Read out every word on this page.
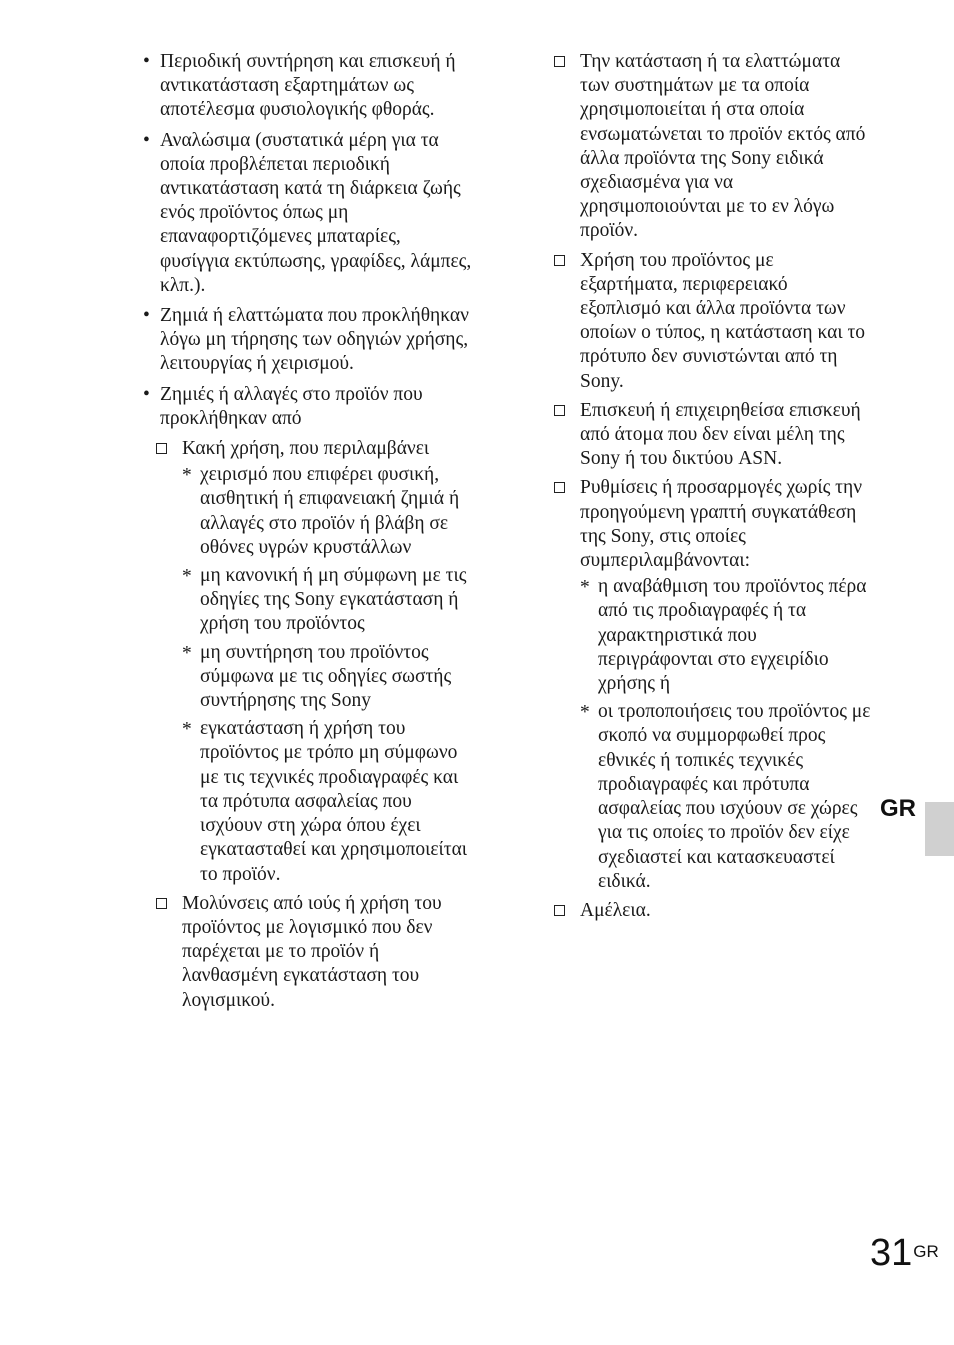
• Περιοδική συντήρηση και επισκευή ή αντικατάσταση εξαρτημάτων ως αποτέλεσμα φυσιολογικής φθοράς.
• Αναλώσιμα (συστατικά μέρη για τα οποία προβλέπεται περιοδική αντικατάσταση κατά τη διάρκεια ζωής ενός προϊόντος όπως μη επαναφορτιζόμενες μπαταρίες, φυσίγγια εκτύπωσης, γραφίδες, λάμπες, κλπ.).
• Ζημιά ή ελαττώματα που προκλήθηκαν λόγω μη τήρησης των οδηγιών χρήσης, λειτουργίας ή χειρισμού.
• Ζημιές ή αλλαγές στο προϊόν που προκλήθηκαν από
Κακή χρήση, που περιλαμβάνει
* χειρισμό που επιφέρει φυσική, αισθητική ή επιφανειακή ζημιά ή αλλαγές στο προϊόν ή βλάβη σε οθόνες υγρών κρυστάλλων
* μη κανονική ή μη σύμφωνη με τις οδηγίες της Sony εγκατάσταση ή χρήση του προϊόντος
* μη συντήρηση του προϊόντος σύμφωνα με τις οδηγίες σωστής συντήρησης της Sony
* εγκατάσταση ή χρήση του προϊόντος με τρόπο μη σύμφωνο με τις τεχνικές προδιαγραφές και τα πρότυπα ασφαλείας που ισχύουν στη χώρα όπου έχει εγκατασταθεί και χρησιμοποιείται το προϊόν.
Μολύνσεις από ιούς ή χρήση του προϊόντος με λογισμικό που δεν παρέχεται με το προϊόν ή λανθασμένη εγκατάσταση του λογισμικού.
Την κατάσταση ή τα ελαττώματα των συστημάτων με τα οποία χρησιμοποιείται ή στα οποία ενσωματώνεται το προϊόν εκτός από άλλα προϊόντα της Sony ειδικά σχεδιασμένα για να χρησιμοποιούνται με το εν λόγω προϊόν.
Χρήση του προϊόντος με εξαρτήματα, περιφερειακό εξοπλισμό και άλλα προϊόντα των οποίων ο τύπος, η κατάσταση και το πρότυπο δεν συνιστώνται από τη Sony.
Επισκευή ή επιχειρηθείσα επισκευή από άτομα που δεν είναι μέλη της Sony ή του δικτύου ASN.
Ρυθμίσεις ή προσαρμογές χωρίς την προηγούμενη γραπτή συγκατάθεση της Sony, στις οποίες συμπεριλαμβάνονται:
* η αναβάθμιση του προϊόντος πέρα από τις προδιαγραφές ή τα χαρακτηριστικά που περιγράφονται στο εγχειρίδιο χρήσης ή
* οι τροποποιήσεις του προϊόντος με σκοπό να συμμορφωθεί προς εθνικές ή τοπικές τεχνικές προδιαγραφές και πρότυπα ασφαλείας που ισχύουν σε χώρες για τις οποίες το προϊόν δεν είχε σχεδιαστεί και κατασκευαστεί ειδικά.
Αμέλεια.
GR
31GR
